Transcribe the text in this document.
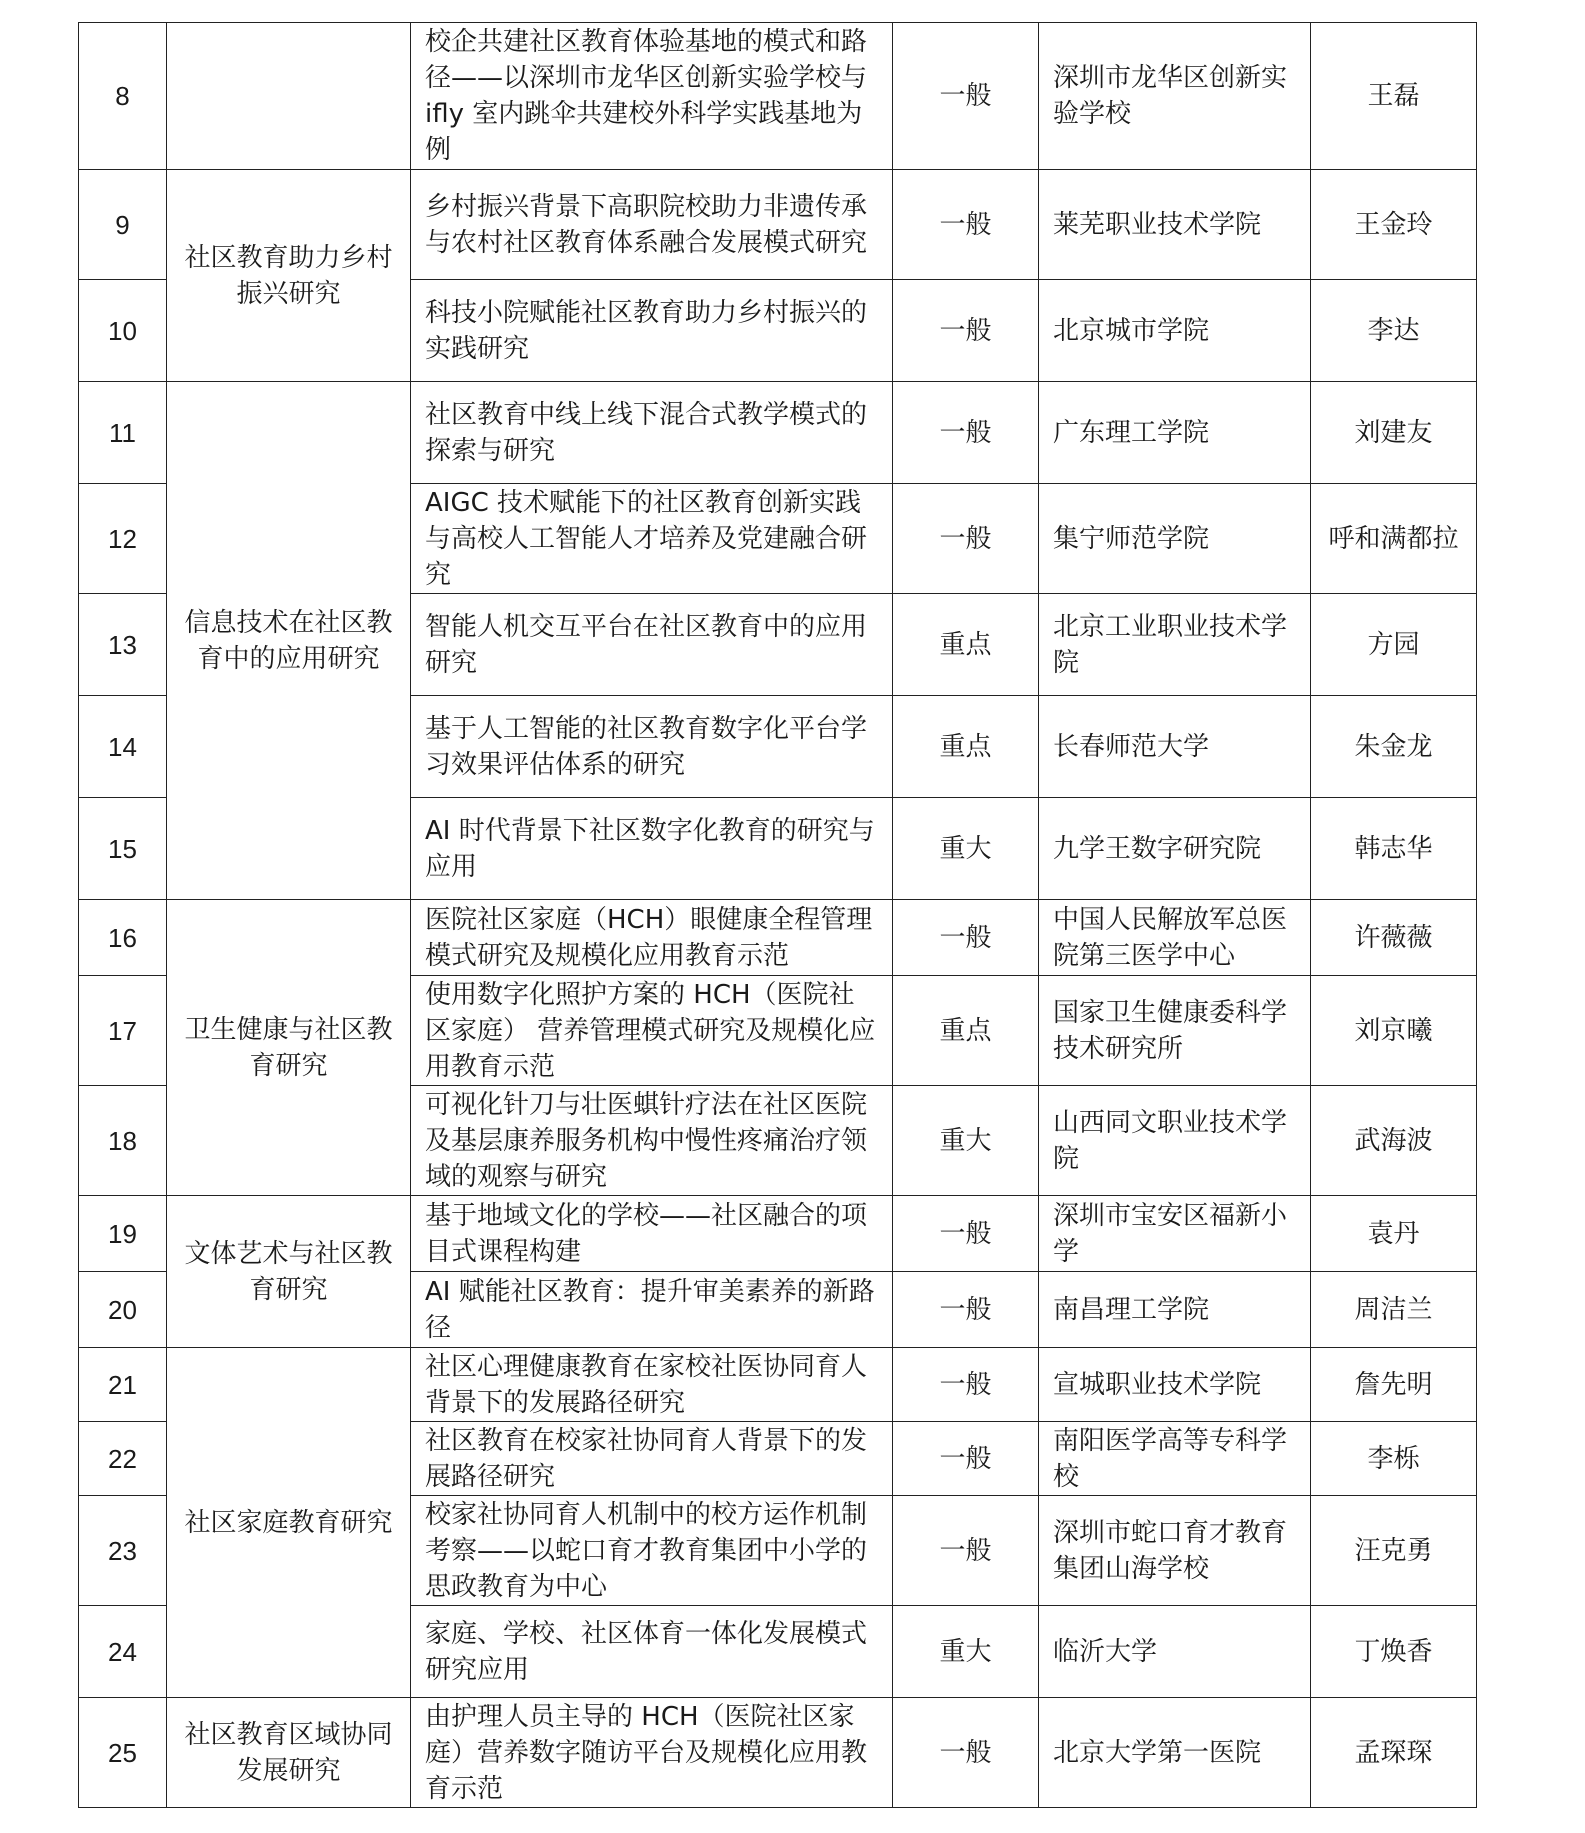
8		校企共建社区教育体验基地的模式和路径——以深圳市龙华区创新实验学校与 ifly 室内跳伞共建校外科学实践基地为例	一般	深圳市龙华区创新实验学校	王磊
9	社区教育助力乡村振兴研究	乡村振兴背景下高职院校助力非遗传承与农村社区教育体系融合发展模式研究	一般	莱芜职业技术学院	王金玲
10		科技小院赋能社区教育助力乡村振兴的实践研究	一般	北京城市学院	李达
11	信息技术在社区教育中的应用研究	社区教育中线上线下混合式教学模式的探索与研究	一般	广东理工学院	刘建友
12		AIGC 技术赋能下的社区教育创新实践与高校人工智能人才培养及党建融合研究	一般	集宁师范学院	呼和满都拉
13		智能人机交互平台在社区教育中的应用研究	重点	北京工业职业技术学院	方园
14		基于人工智能的社区教育数字化平台学习效果评估体系的研究	重点	长春师范大学	朱金龙
15		AI 时代背景下社区数字化教育的研究与应用	重大	九学王数字研究院	韩志华
16	卫生健康与社区教育研究	医院社区家庭（HCH）眼健康全程管理模式研究及规模化应用教育示范	一般	中国人民解放军总医院第三医学中心	许薇薇
17		使用数字化照护方案的 HCH（医院社区家庭） 营养管理模式研究及规模化应用教育示范	重点	国家卫生健康委科学技术研究所	刘京曦
18		可视化针刀与壮医蜞针疗法在社区医院及基层康养服务机构中慢性疼痛治疗领域的观察与研究	重大	山西同文职业技术学院	武海波
19	文体艺术与社区教育研究	基于地域文化的学校——社区融合的项目式课程构建	一般	深圳市宝安区福新小学	袁丹
20		AI 赋能社区教育：提升审美素养的新路径	一般	南昌理工学院	周洁兰
21	社区家庭教育研究	社区心理健康教育在家校社医协同育人背景下的发展路径研究	一般	宣城职业技术学院	詹先明
22		社区教育在校家社协同育人背景下的发展路径研究	一般	南阳医学高等专科学校	李栎
23		校家社协同育人机制中的校方运作机制考察——以蛇口育才教育集团中小学的思政教育为中心	一般	深圳市蛇口育才教育集团山海学校	汪克勇
24		家庭、学校、社区体育一体化发展模式研究应用	重大	临沂大学	丁焕香
25	社区教育区域协同发展研究	由护理人员主导的 HCH（医院社区家庭）营养数字随访平台及规模化应用教育示范	一般	北京大学第一医院	孟琛琛
